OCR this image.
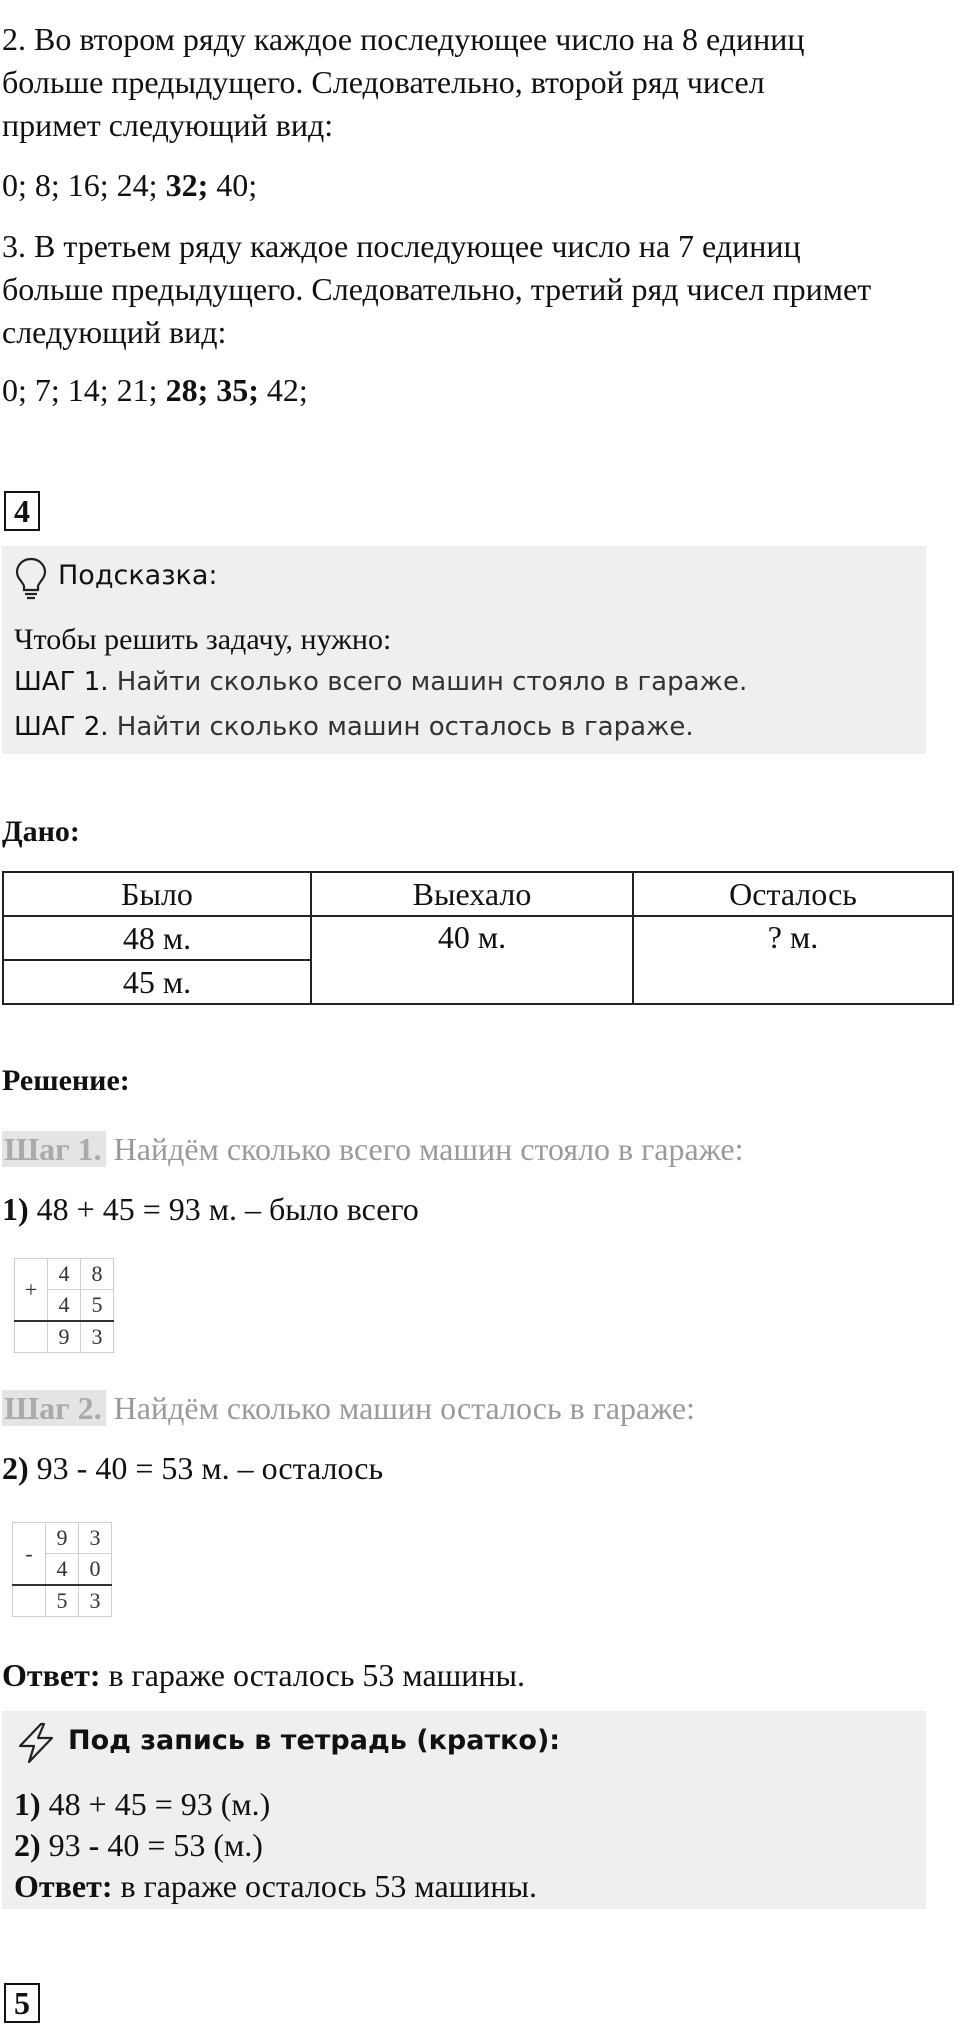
2. Во втором ряду каждое последующее число на 8 единиц
больше предыдущего. Следовательно, второй ряд чисел
примет следующий вид:
0; 8; 16; 24; 32; 40;
3. В третьем ряду каждое последующее число на 7 единиц
больше предыдущего. Следовательно, третий ряд чисел примет
следующий вид:
0; 7; 14; 21; 28; 35; 42;
4
Подсказка:
Чтобы решить задачу, нужно:
ШАГ 1. Найти сколько всего машин стояло в гараже.
ШАГ 2. Найти сколько машин осталось в гараже.
Дано:
Было	Выехало	Осталось
48 м.	40 м.	? м.
45 м.		
Решение:
Шаг 1. Найдём сколько всего машин стояло в гараже:
1) 48 + 45 = 93 м. – было всего
+	4	8
	4	5
	9	3
Шаг 2. Найдём сколько машин осталось в гараже:
2) 93 - 40 = 53 м. – осталось
-	9	3
	4	0
	5	3
Ответ: в гараже осталось 53 машины.
Под запись в тетрадь (кратко):
1) 48 + 45 = 93 (м.)
2) 93 - 40 = 53 (м.)
Ответ: в гараже осталось 53 машины.
5
